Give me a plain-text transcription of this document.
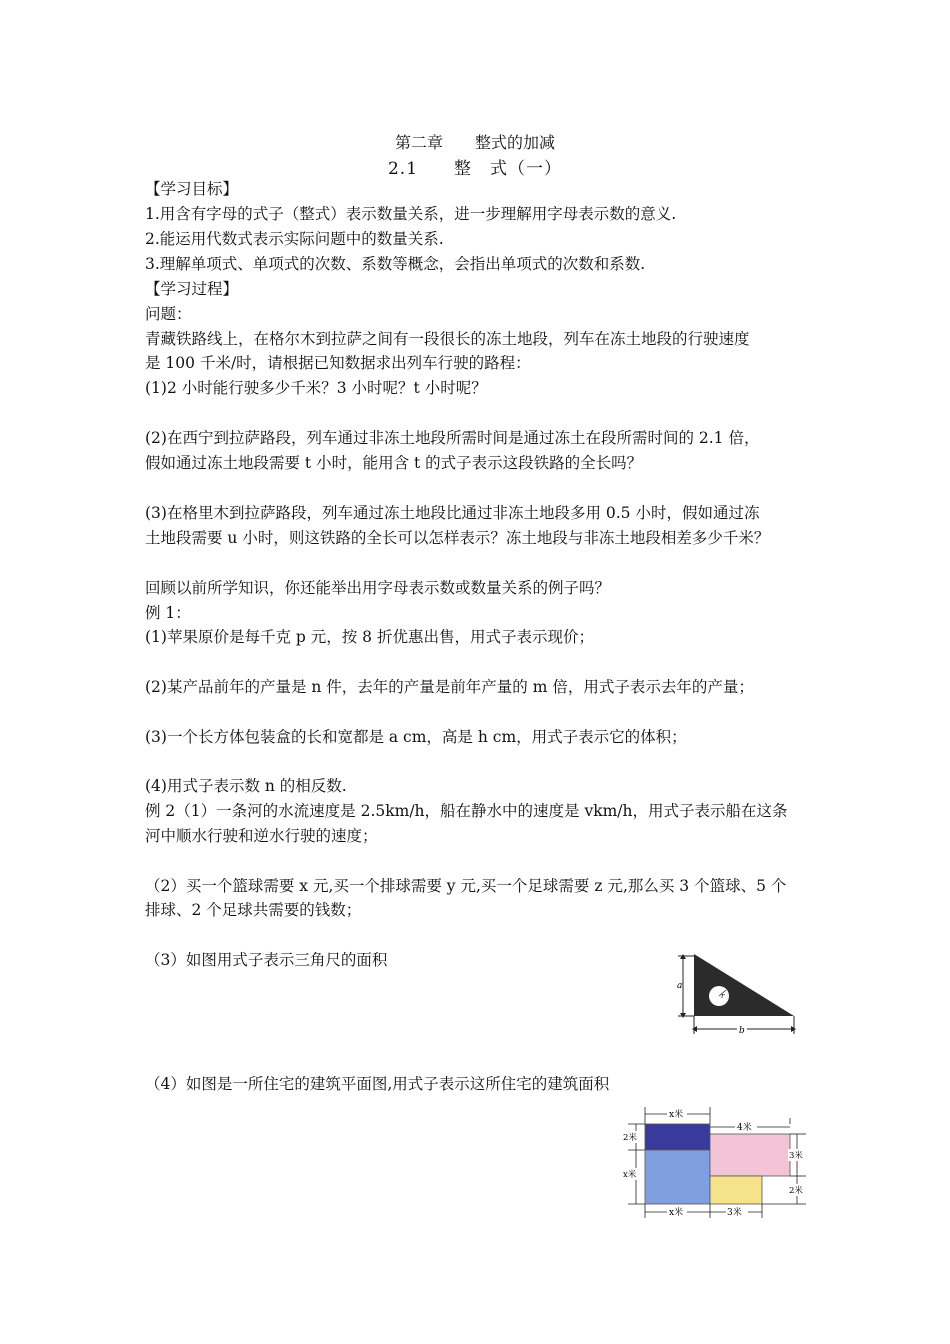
第二章　　整式的加减
2.1　　整　式（一）
【学习目标】
1.用含有字母的式子（整式）表示数量关系，进一步理解用字母表示数的意义.
2.能运用代数式表示实际问题中的数量关系.
3.理解单项式、单项式的次数、系数等概念，会指出单项式的次数和系数.
【学习过程】
问题：
青藏铁路线上，在格尔木到拉萨之间有一段很长的冻土地段，列车在冻土地段的行驶速度
是 100 千米/时，请根据已知数据求出列车行驶的路程：
(1)2 小时能行驶多少千米？3 小时呢？t 小时呢？
(2)在西宁到拉萨路段，列车通过非冻土地段所需时间是通过冻土在段所需时间的 2.1 倍，
假如通过冻土地段需要 t 小时，能用含 t 的式子表示这段铁路的全长吗？
(3)在格里木到拉萨路段，列车通过冻土地段比通过非冻土地段多用 0.5 小时，假如通过冻
土地段需要 u 小时，则这铁路的全长可以怎样表示？冻土地段与非冻土地段相差多少千米？
回顾以前所学知识，你还能举出用字母表示数或数量关系的例子吗？
例 1：
(1)苹果原价是每千克 p 元，按 8 折优惠出售，用式子表示现价；
(2)某产品前年的产量是 n 件，去年的产量是前年产量的 m 倍，用式子表示去年的产量；
(3)一个长方体包装盒的长和宽都是 a cm，高是 h cm，用式子表示它的体积；
(4)用式子表示数 n 的相反数.
例 2（1）一条河的水流速度是 2.5km/h，船在静水中的速度是 vkm/h，用式子表示船在这条
河中顺水行驶和逆水行驶的速度；
（2）买一个篮球需要 x 元,买一个排球需要 y 元,买一个足球需要 z 元,那么买 3 个篮球、5 个
排球、2 个足球共需要的钱数；
（3）如图用式子表示三角尺的面积
a
r
b
（4）如图是一所住宅的建筑平面图,用式子表示这所住宅的建筑面积
x米
4米
2米
x米
3米
2米
x米	3米
